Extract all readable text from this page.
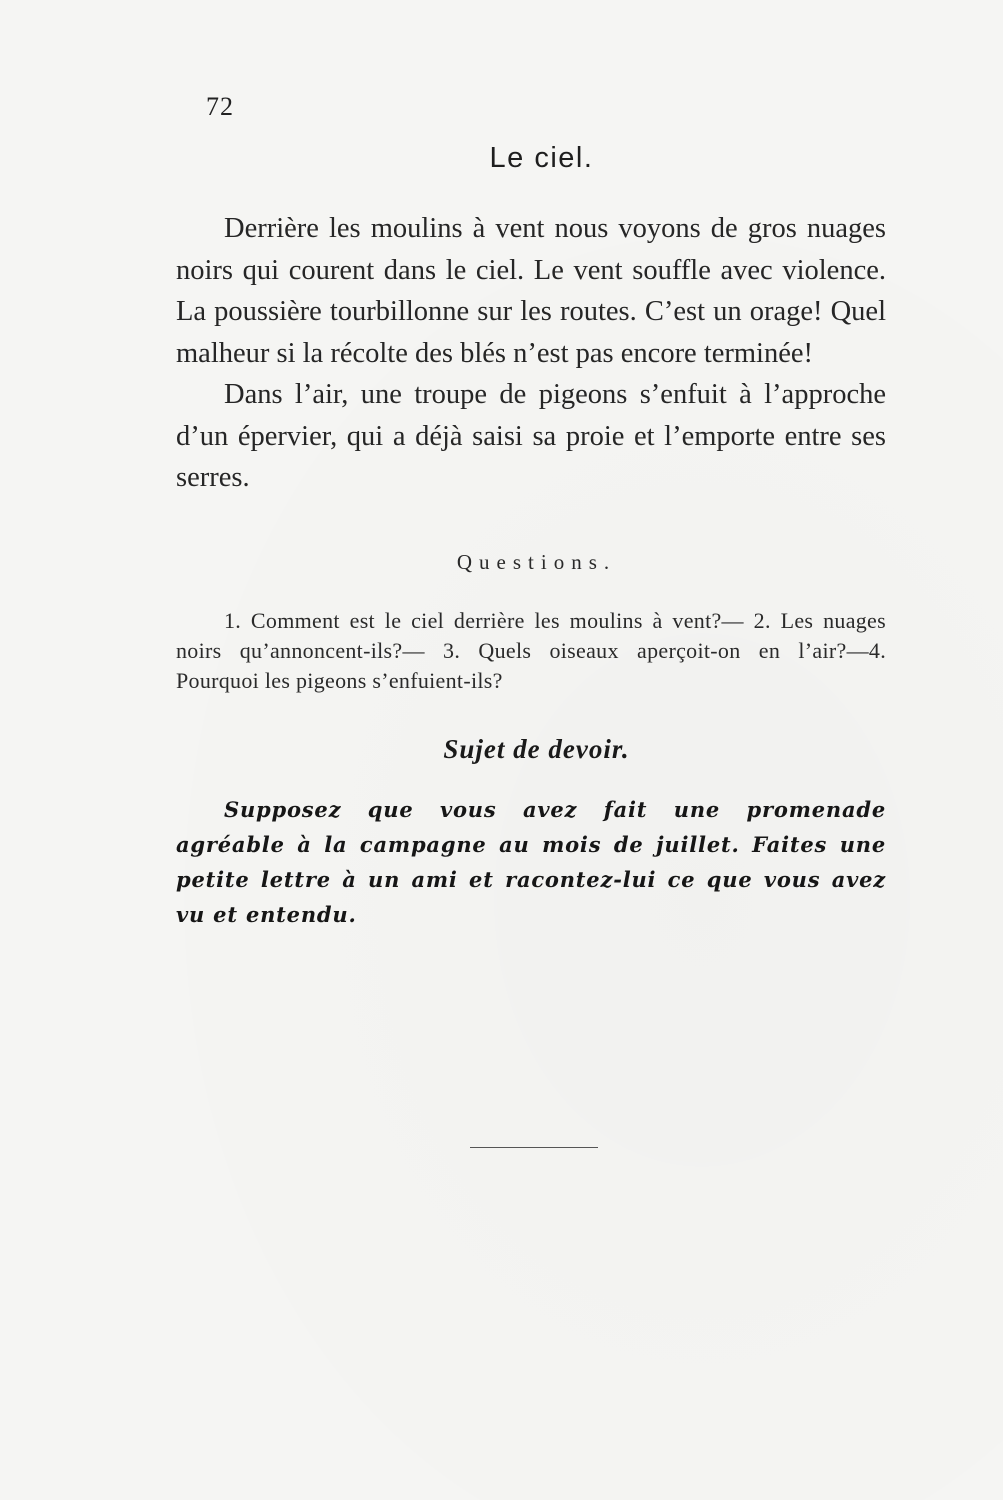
72
Le ciel.

Derrière les moulins à vent nous voyons de gros nuages noirs qui courent dans le ciel. Le vent souffle avec violence. La poussière tourbillonne sur les routes. C’est un orage! Quel malheur si la récolte des blés n’est pas encore terminée!

Dans l’air, une troupe de pigeons s’enfuit à l’approche d’un épervier, qui a déjà saisi sa proie et l’emporte entre ses serres.

Questions.

1. Comment est le ciel derrière les moulins à vent?— 2. Les nuages noirs qu’annoncent-ils?— 3. Quels oiseaux aperçoit-on en l’air?—4. Pourquoi les pigeons s’enfuient-ils?

Sujet de devoir.

Supposez que vous avez fait une promenade agréable à la campagne au mois de juillet. Faites une petite lettre à un ami et racontez-lui ce que vous avez vu et entendu.
